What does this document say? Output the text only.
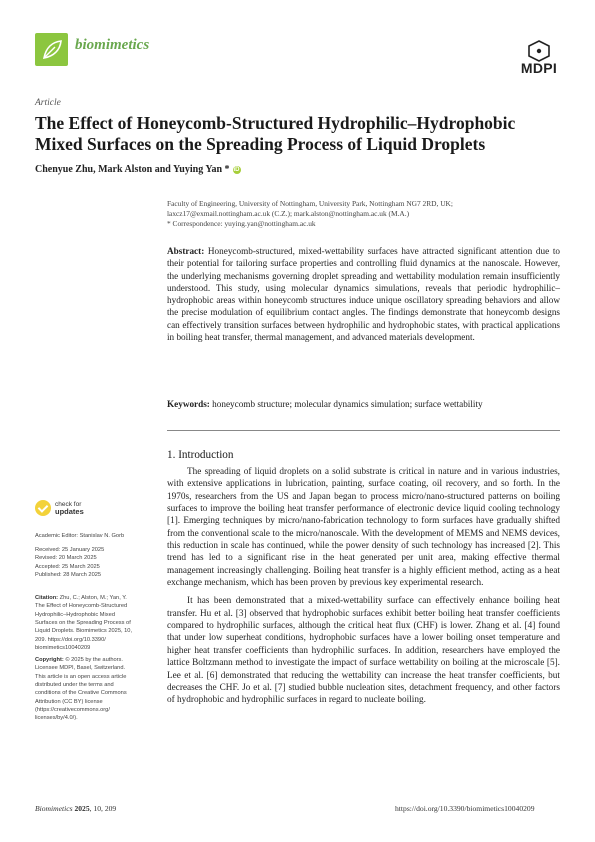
biomimetics
MDPI
Article
The Effect of Honeycomb-Structured Hydrophilic–Hydrophobic Mixed Surfaces on the Spreading Process of Liquid Droplets
Chenyue Zhu, Mark Alston and Yuying Yan * iD
Faculty of Engineering, University of Nottingham, University Park, Nottingham NG7 2RD, UK;
laxcz17@exmail.nottingham.ac.uk (C.Z.); mark.alston@nottingham.ac.uk (M.A.)
* Correspondence: yuying.yan@nottingham.ac.uk
Abstract: Honeycomb-structured, mixed-wettability surfaces have attracted significant attention due to their potential for tailoring surface properties and controlling fluid dynamics at the nanoscale. However, the underlying mechanisms governing droplet spreading and wettability modulation remain insufficiently understood. This study, using molecular dynamics simulations, reveals that periodic hydrophilic–hydrophobic areas within honeycomb structures induce unique oscillatory spreading behaviors and allow the precise modulation of equilibrium contact angles. The findings demonstrate that honeycomb designs can effectively transition surfaces between hydrophilic and hydrophobic states, with practical applications in boiling heat transfer, thermal management, and advanced materials development.
Keywords: honeycomb structure; molecular dynamics simulation; surface wettability
1. Introduction

The spreading of liquid droplets on a solid substrate is critical in nature and in various industries, with extensive applications in lubrication, painting, surface coating, oil recovery, and so forth. In the 1970s, researchers from the US and Japan began to process micro/nano-structured patterns on boiling surfaces to improve the boiling heat transfer performance of electronic device liquid cooling technology [1]. Emerging techniques by micro/nano-fabrication technology to form surfaces have gradually shifted from the conventional scale to the micro/nanoscale. With the development of MEMS and NEMS devices, this reduction in scale has continued, while the power density of such technology has increased [2]. This trend has led to a significant rise in the heat generated per unit area, making effective thermal management increasingly challenging. Boiling heat transfer is a highly efficient method, acting as a heat exchange mechanism, which has been proven by previous key experimental research.

It has been demonstrated that a mixed-wettability surface can effectively enhance boiling heat transfer. Hu et al. [3] observed that hydrophobic surfaces exhibit better boiling heat transfer coefficients compared to hydrophilic surfaces, although the critical heat flux (CHF) is lower. Zhang et al. [4] found that under low superheat conditions, hydrophobic surfaces have a lower boiling onset temperature and higher heat transfer coefficients than hydrophilic surfaces. In addition, researchers have employed the lattice Boltzmann method to investigate the impact of surface wettability on boiling at the microscale [5]. Lee et al. [6] demonstrated that reducing the wettability can increase the heat transfer coefficients, but decreases the CHF. Jo et al. [7] studied bubble nucleation sites, detachment frequency, and other factors of hydrophobic and hydrophilic surfaces in regard to nucleate boiling.

check for
updates
Academic Editor: Stanislav N. Gorb
Received: 25 January 2025
Revised: 20 March 2025
Accepted: 25 March 2025
Published: 28 March 2025
Citation: Zhu, C.; Alston, M.; Yan, Y.
The Effect of Honeycomb-Structured
Hydrophilic–Hydrophobic Mixed
Surfaces on the Spreading Process of
Liquid Droplets. Biomimetics 2025, 10,
209. https://doi.org/10.3390/
biomimetics10040209
Copyright: © 2025 by the authors.
Licensee MDPI, Basel, Switzerland.
This article is an open access article
distributed under the terms and
conditions of the Creative Commons
Attribution (CC BY) license
(https://creativecommons.org/
licenses/by/4.0/).
Biomimetics 2025, 10, 209	https://doi.org/10.3390/biomimetics10040209
